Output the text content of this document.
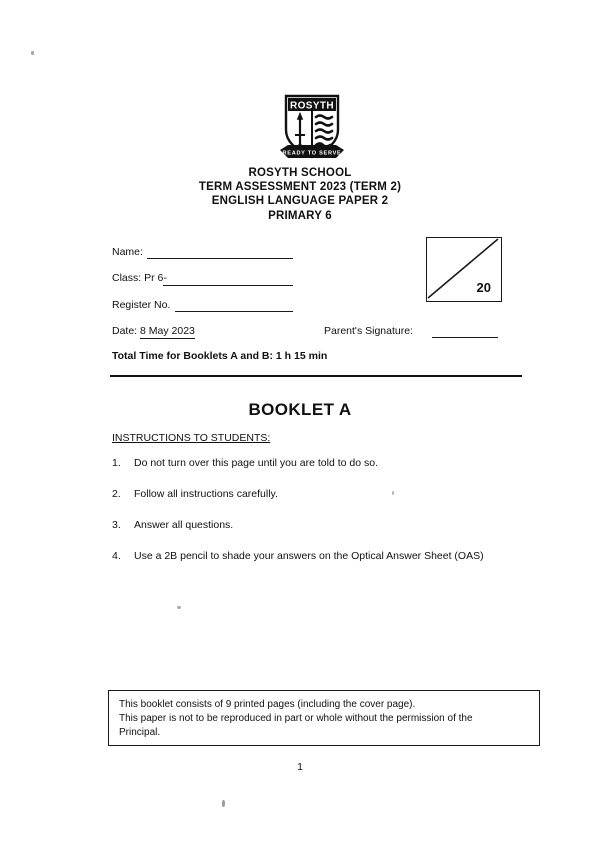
ROSYTH
READY TO SERVE
ROSYTH SCHOOL
TERM ASSESSMENT 2023 (TERM 2)
ENGLISH LANGUAGE PAPER 2
PRIMARY 6
Name:
Class: Pr 6-
Register No.
Date: 8 May 2023	Parent's Signature:
Total Time for Booklets A and B: 1 h 15 min
20
BOOKLET A
INSTRUCTIONS TO STUDENTS:
1. Do not turn over this page until you are told to do so.
2. Follow all instructions carefully.
3. Answer all questions.
4. Use a 2B pencil to shade your answers on the Optical Answer Sheet (OAS)
This booklet consists of 9 printed pages (including the cover page).
This paper is not to be reproduced in part or whole without the permission of the
Principal.
1
